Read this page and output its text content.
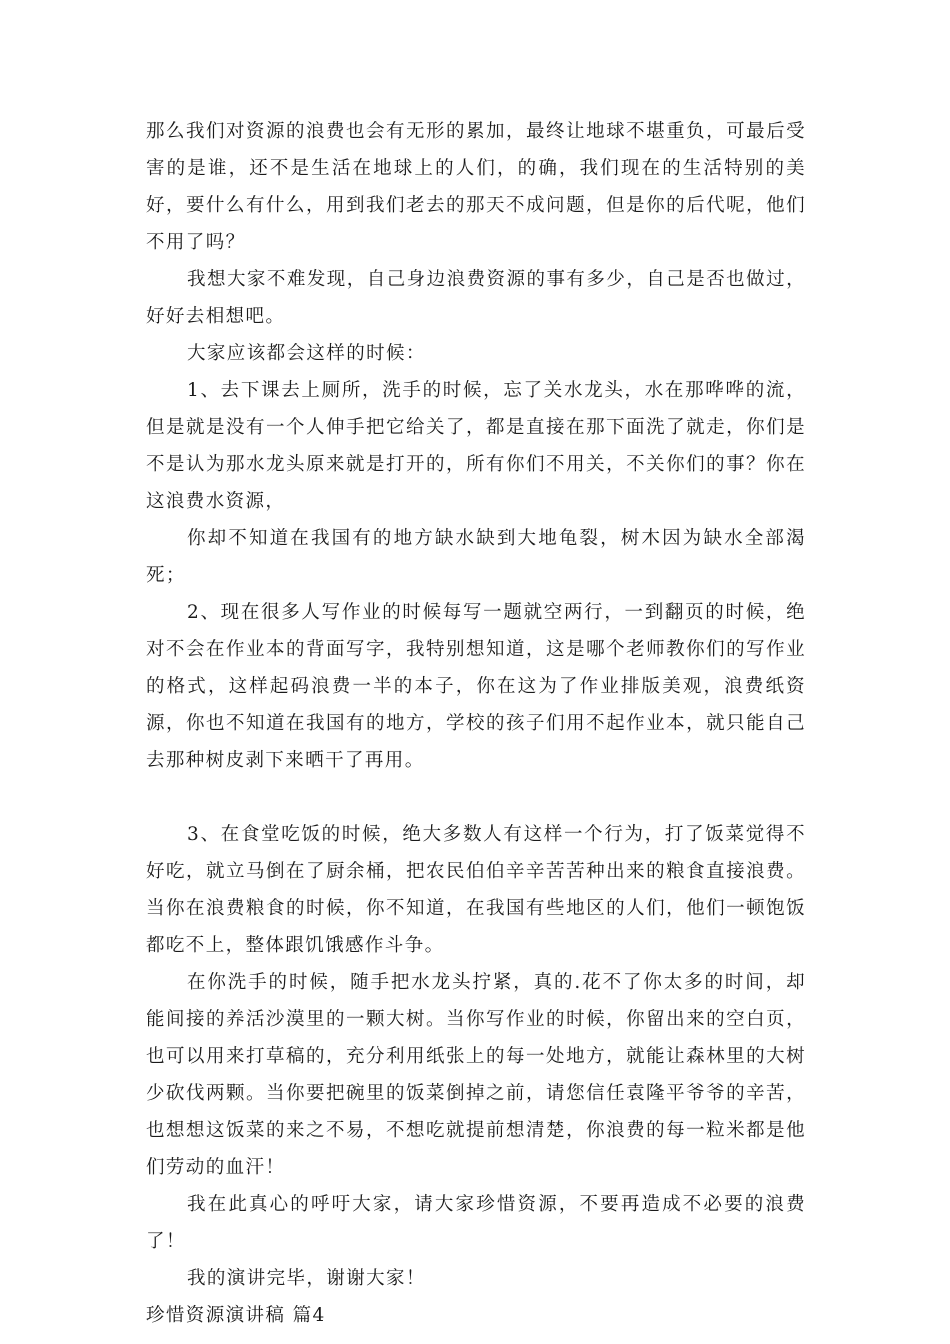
那么我们对资源的浪费也会有无形的累加，最终让地球不堪重负，可最后受害的是谁，还不是生活在地球上的人们，的确，我们现在的生活特别的美好，要什么有什么，用到我们老去的那天不成问题，但是你的后代呢，他们不用了吗？

我想大家不难发现，自己身边浪费资源的事有多少，自己是否也做过，好好去相想吧。

大家应该都会这样的时候：

1、去下课去上厕所，洗手的时候，忘了关水龙头，水在那哗哗的流，但是就是没有一个人伸手把它给关了，都是直接在那下面洗了就走，你们是不是认为那水龙头原来就是打开的，所有你们不用关，不关你们的事？你在这浪费水资源，

你却不知道在我国有的地方缺水缺到大地龟裂，树木因为缺水全部渴死；

2、现在很多人写作业的时候每写一题就空两行，一到翻页的时候，绝对不会在作业本的背面写字，我特别想知道，这是哪个老师教你们的写作业的格式，这样起码浪费一半的本子，你在这为了作业排版美观，浪费纸资源，你也不知道在我国有的地方，学校的孩子们用不起作业本，就只能自己去那种树皮剥下来晒干了再用。

3、在食堂吃饭的时候，绝大多数人有这样一个行为，打了饭菜觉得不好吃，就立马倒在了厨余桶，把农民伯伯辛辛苦苦种出来的粮食直接浪费。当你在浪费粮食的时候，你不知道，在我国有些地区的人们，他们一顿饱饭都吃不上，整体跟饥饿感作斗争。

在你洗手的时候，随手把水龙头拧紧，真的.花不了你太多的时间，却能间接的养活沙漠里的一颗大树。当你写作业的时候，你留出来的空白页，也可以用来打草稿的，充分利用纸张上的每一处地方，就能让森林里的大树少砍伐两颗。当你要把碗里的饭菜倒掉之前，请您信任袁隆平爷爷的辛苦，也想想这饭菜的来之不易，不想吃就提前想清楚，你浪费的每一粒米都是他们劳动的血汗！

我在此真心的呼吁大家，请大家珍惜资源，不要再造成不必要的浪费了！

我的演讲完毕，谢谢大家！

珍惜资源演讲稿 篇4
